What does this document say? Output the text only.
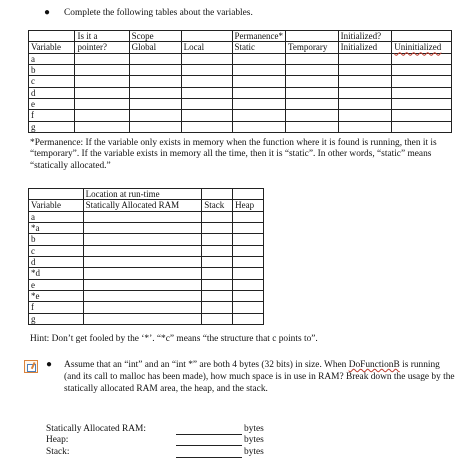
● Complete the following tables about the variables.
	Is it a	Scope		Permanence*		Initialized?	
Variable	pointer?	Global	Local	Static	Temporary	Initialized	Uninitialized
a							
b							
c							
d							
e							
f							
g							
*Permanence: If the variable only exists in memory when the function where it is found is running, then it is “temporary”. If the variable exists in memory all the time, then it is “static”. In other words, “static” means “statically allocated.”
	Location at run-time		
Variable	Statically Allocated RAM	Stack	Heap
a			
*a			
b			
c			
d			
*d			
e			
*e			
f			
g			
Hint: Don’t get fooled by the ‘*’. “*c” means “the structure that c points to”.
● Assume that an “int” and an “int *” are both 4 bytes (32 bits) in size. When DoFunctionB is running (and its call to malloc has been made), how much space is in use in RAM? Break down the usage by the statically allocated RAM area, the heap, and the stack.
Statically Allocated RAM:	bytes
Heap:	bytes
Stack:	bytes
